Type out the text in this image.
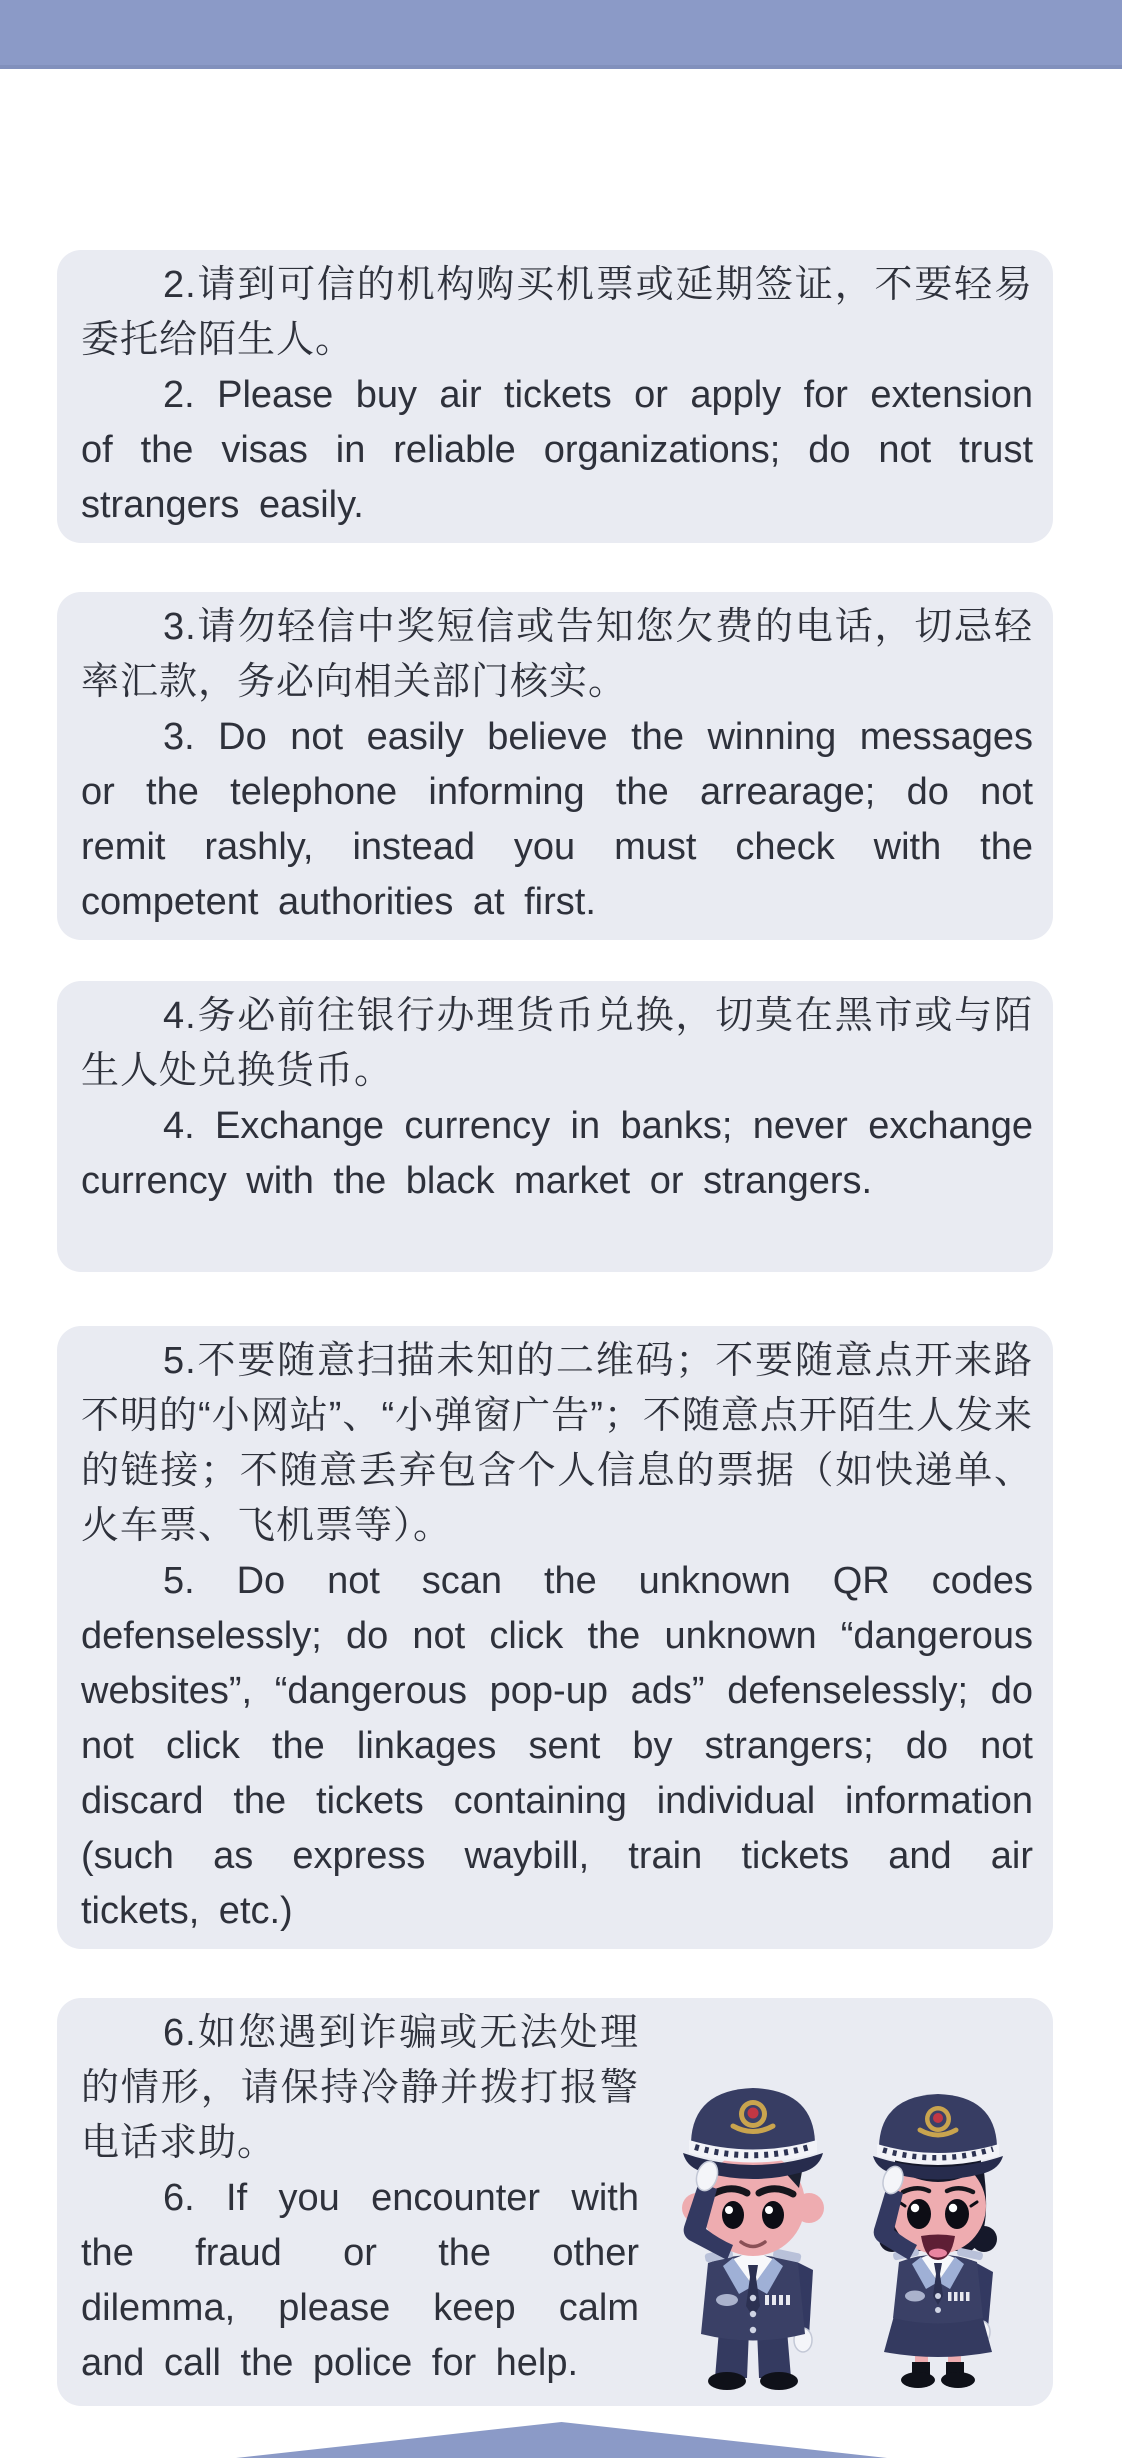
2.请到可信的机构购买机票或延期签证，不要轻易委托给陌生人。

2. Please buy air tickets or apply for extension of the visas in reliable organizations; do not trust strangers easily.

3.请勿轻信中奖短信或告知您欠费的电话，切忌轻率汇款，务必向相关部门核实。

3. Do not easily believe the winning messages or the telephone informing the arrearage; do not remit rashly, instead you must check with the competent authorities at first.

4.务必前往银行办理货币兑换，切莫在黑市或与陌生人处兑换货币。

4. Exchange currency in banks; never exchange currency with the black market or strangers.

5.不要随意扫描未知的二维码；不要随意点开来路不明的“小网站”、“小弹窗广告”；不随意点开陌生人发来的链接；不随意丢弃包含个人信息的票据（如快递单、火车票、飞机票等）。

5. Do not scan the unknown QR codes defenselessly; do not click the unknown “dangerous websites”, “dangerous pop-up ads” defenselessly; do not click the linkages sent by strangers; do not discard the tickets containing individual information (such as express waybill, train tickets and air tickets, etc.)

6.如您遇到诈骗或无法处理的情形，请保持冷静并拨打报警电话求助。

6. If you encounter with the fraud or the other dilemma, please keep calm and call the police for help.
